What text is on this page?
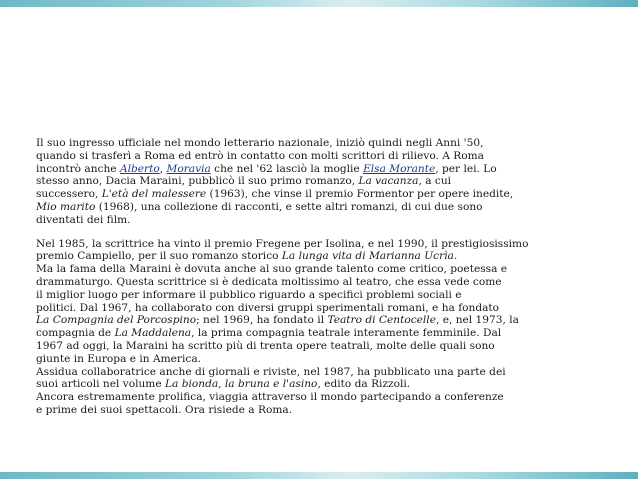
Il suo ingresso ufficiale nel mondo letterario nazionale, iniziò quindi negli Anni '50,
quando si trasferì a Roma ed entrò in contatto con molti scrittori di rilievo. A Roma
incontrò anche Alberto, Moravia che nel '62 lasciò la moglie Elsa Morante, per lei. Lo
stesso anno, Dacia Maraini, pubblicò il suo primo romanzo, La vacanza, a cui
successero, L'età del malessere (1963), che vinse il premio Formentor per opere inedite,
Mio marito (1968), una collezione di racconti, e sette altri romanzi, di cui due sono
diventati dei film.

Nel 1985, la scrittrice ha vinto il premio Fregene per Isolina, e nel 1990, il prestigiosissimo
premio Campiello, per il suo romanzo storico La lunga vita di Marianna Ucrìa.
Ma la fama della Maraini è dovuta anche al suo grande talento come critico, poetessa e
drammaturgo. Questa scrittrice si è dedicata moltissimo al teatro, che essa vede come
il miglior luogo per informare il pubblico riguardo a specifici problemi sociali e
politici. Dal 1967, ha collaborato con diversi gruppi sperimentali romani, e ha fondato
La Compagnia del Porcospino; nel 1969, ha fondato il Teatro di Centocelle, e, nel 1973, la
compagnia de La Maddalena, la prima compagnia teatrale interamente femminile. Dal
1967 ad oggi, la Maraini ha scritto più di trenta opere teatrali, molte delle quali sono
giunte in Europa e in America.
Assidua collaboratrice anche di giornali e riviste, nel 1987, ha pubblicato una parte dei
suoi articoli nel volume La bionda, la bruna e l'asino, edito da Rizzoli.
Ancora estremamente prolifica, viaggia attraverso il mondo partecipando a conferenze
e prime dei suoi spettacoli. Ora risiede a Roma.
